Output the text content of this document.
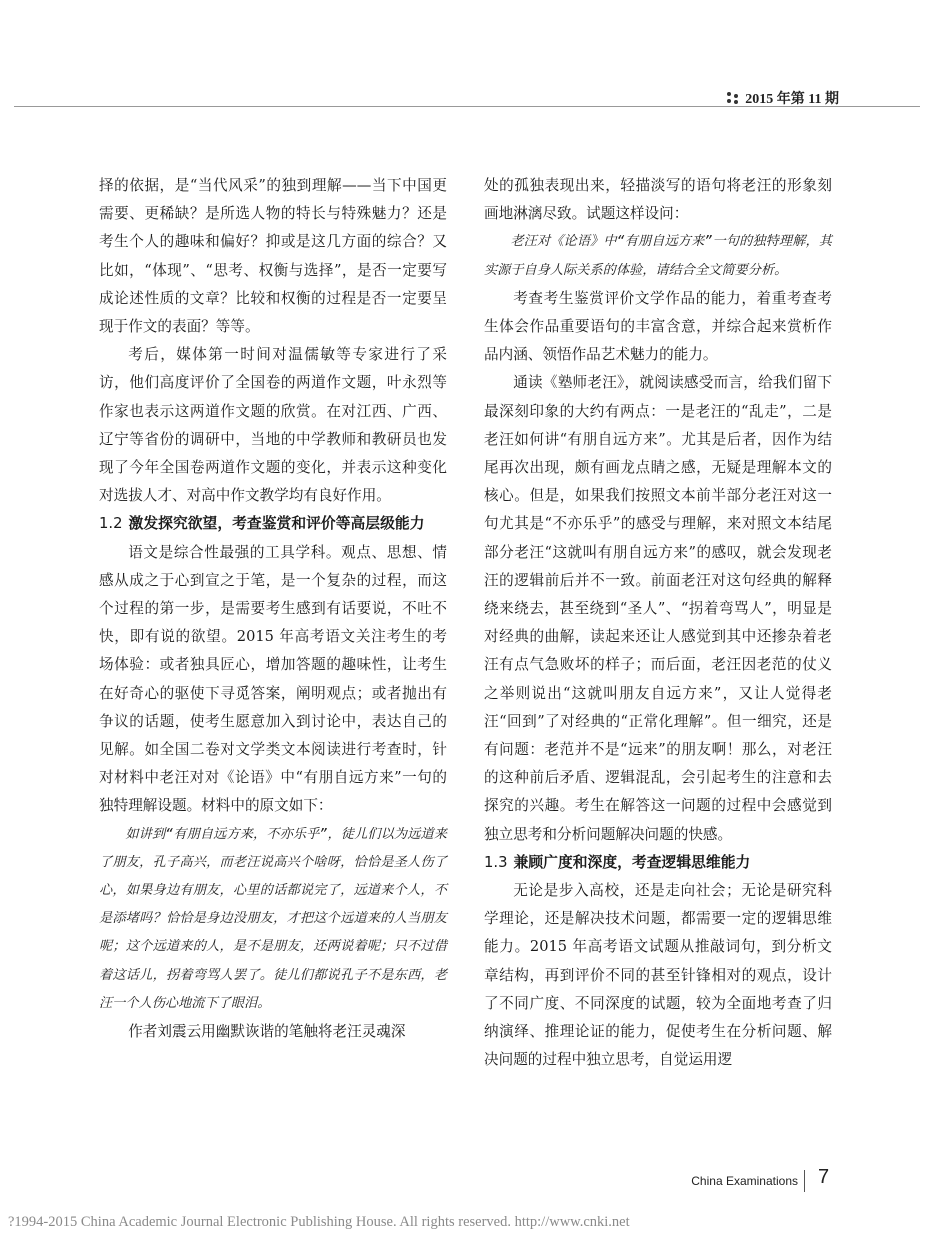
2015 年第 11 期

择的依据，是“当代风采”的独到理解——当下中国更需要、更稀缺？是所选人物的特长与特殊魅力？还是考生个人的趣味和偏好？抑或是这几方面的综合？又比如，“体现”、“思考、权衡与选择”，是否一定要写成论述性质的文章？比较和权衡的过程是否一定要呈现于作文的表面？等等。

考后，媒体第一时间对温儒敏等专家进行了采访，他们高度评价了全国卷的两道作文题，叶永烈等作家也表示这两道作文题的欣赏。在对江西、广西、辽宁等省份的调研中，当地的中学教师和教研员也发现了今年全国卷两道作文题的变化，并表示这种变化对选拔人才、对高中作文教学均有良好作用。

1.2 激发探究欲望，考查鉴赏和评价等高层级能力

语文是综合性最强的工具学科。观点、思想、情感从成之于心到宣之于笔，是一个复杂的过程，而这个过程的第一步，是需要考生感到有话要说，不吐不快，即有说的欲望。2015 年高考语文关注考生的考场体验：或者独具匠心，增加答题的趣味性，让考生在好奇心的驱使下寻觅答案，阐明观点；或者抛出有争议的话题，使考生愿意加入到讨论中，表达自己的见解。如全国二卷对文学类文本阅读进行考查时，针对材料中老汪对对《论语》中“有朋自远方来”一句的独特理解设题。材料中的原文如下：

如讲到“有朋自远方来，不亦乐乎”，徒儿们以为远道来了朋友，孔子高兴，而老汪说高兴个啥呀，恰恰是圣人伤了心，如果身边有朋友，心里的话都说完了，远道来个人，不是添堵吗？恰恰是身边没朋友，才把这个远道来的人当朋友呢；这个远道来的人，是不是朋友，还两说着呢；只不过借着这话儿，拐着弯骂人罢了。徒儿们都说孔子不是东西，老汪一个人伤心地流下了眼泪。

作者刘震云用幽默诙谐的笔触将老汪灵魂深

处的孤独表现出来，轻描淡写的语句将老汪的形象刻画地淋漓尽致。试题这样设问：

老汪对《论语》中“有朋自远方来”一句的独特理解，其实源于自身人际关系的体验，请结合全文简要分析。

考查考生鉴赏评价文学作品的能力，着重考查考生体会作品重要语句的丰富含意，并综合起来赏析作品内涵、领悟作品艺术魅力的能力。

通读《塾师老汪》，就阅读感受而言，给我们留下最深刻印象的大约有两点：一是老汪的“乱走”，二是老汪如何讲“有朋自远方来”。尤其是后者，因作为结尾再次出现，颇有画龙点睛之感，无疑是理解本文的核心。但是，如果我们按照文本前半部分老汪对这一句尤其是“不亦乐乎”的感受与理解，来对照文本结尾部分老汪“这就叫有朋自远方来”的感叹，就会发现老汪的逻辑前后并不一致。前面老汪对这句经典的解释绕来绕去，甚至绕到“圣人”、“拐着弯骂人”，明显是对经典的曲解，读起来还让人感觉到其中还掺杂着老汪有点气急败坏的样子；而后面，老汪因老范的仗义之举则说出“这就叫朋友自远方来”，又让人觉得老汪“回到”了对经典的“正常化理解”。但一细究，还是有问题：老范并不是“远来”的朋友啊！那么，对老汪的这种前后矛盾、逻辑混乱，会引起考生的注意和去探究的兴趣。考生在解答这一问题的过程中会感觉到独立思考和分析问题解决问题的快感。

1.3 兼顾广度和深度，考查逻辑思维能力

无论是步入高校，还是走向社会；无论是研究科学理论，还是解决技术问题，都需要一定的逻辑思维能力。2015 年高考语文试题从推敲词句，到分析文章结构，再到评价不同的甚至针锋相对的观点，设计了不同广度、不同深度的试题，较为全面地考查了归纳演绎、推理论证的能力，促使考生在分析问题、解决问题的过程中独立思考，自觉运用逻

China Examinations 7
?1994-2015 China Academic Journal Electronic Publishing House. All rights reserved. http://www.cnki.net
